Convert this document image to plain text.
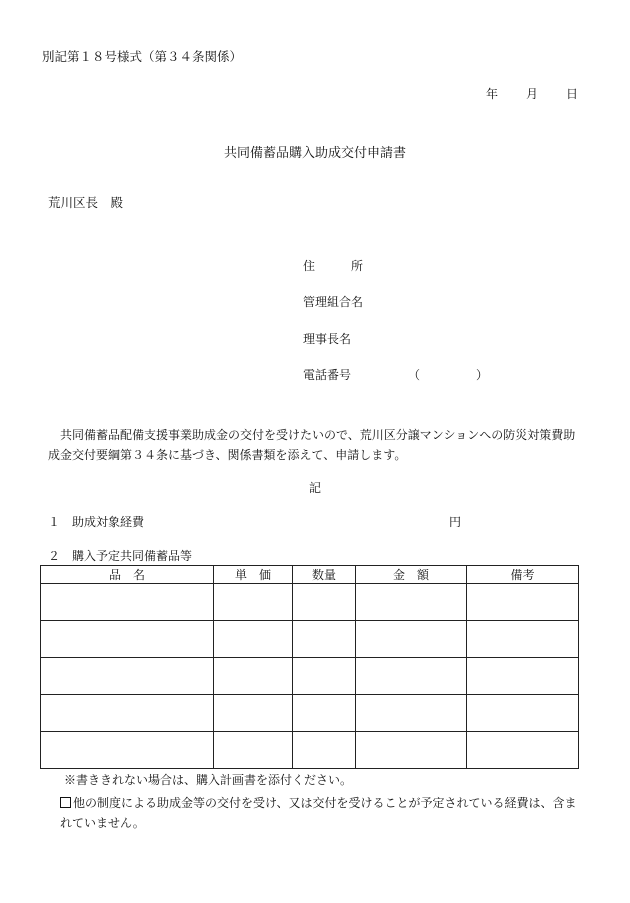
別記第１８号様式（第３４条関係）
年 月 日
共同備蓄品購入助成交付申請書
荒川区長　殿
住　　　所
管理組合名
理事長名
電話番号	（	）
共同備蓄品配備支援事業助成金の交付を受けたいので、荒川区分譲マンションへの防災対策費助成金交付要綱第３４条に基づき、関係書類を添えて、申請します。
記
１　助成対象経費	円
２　購入予定共同備蓄品等
品　名	単　価	数量	金　額	備考

※書ききれない場合は、購入計画書を添付ください。
他の制度による助成金等の交付を受け、又は交付を受けることが予定されている経費は、含まれていません。
